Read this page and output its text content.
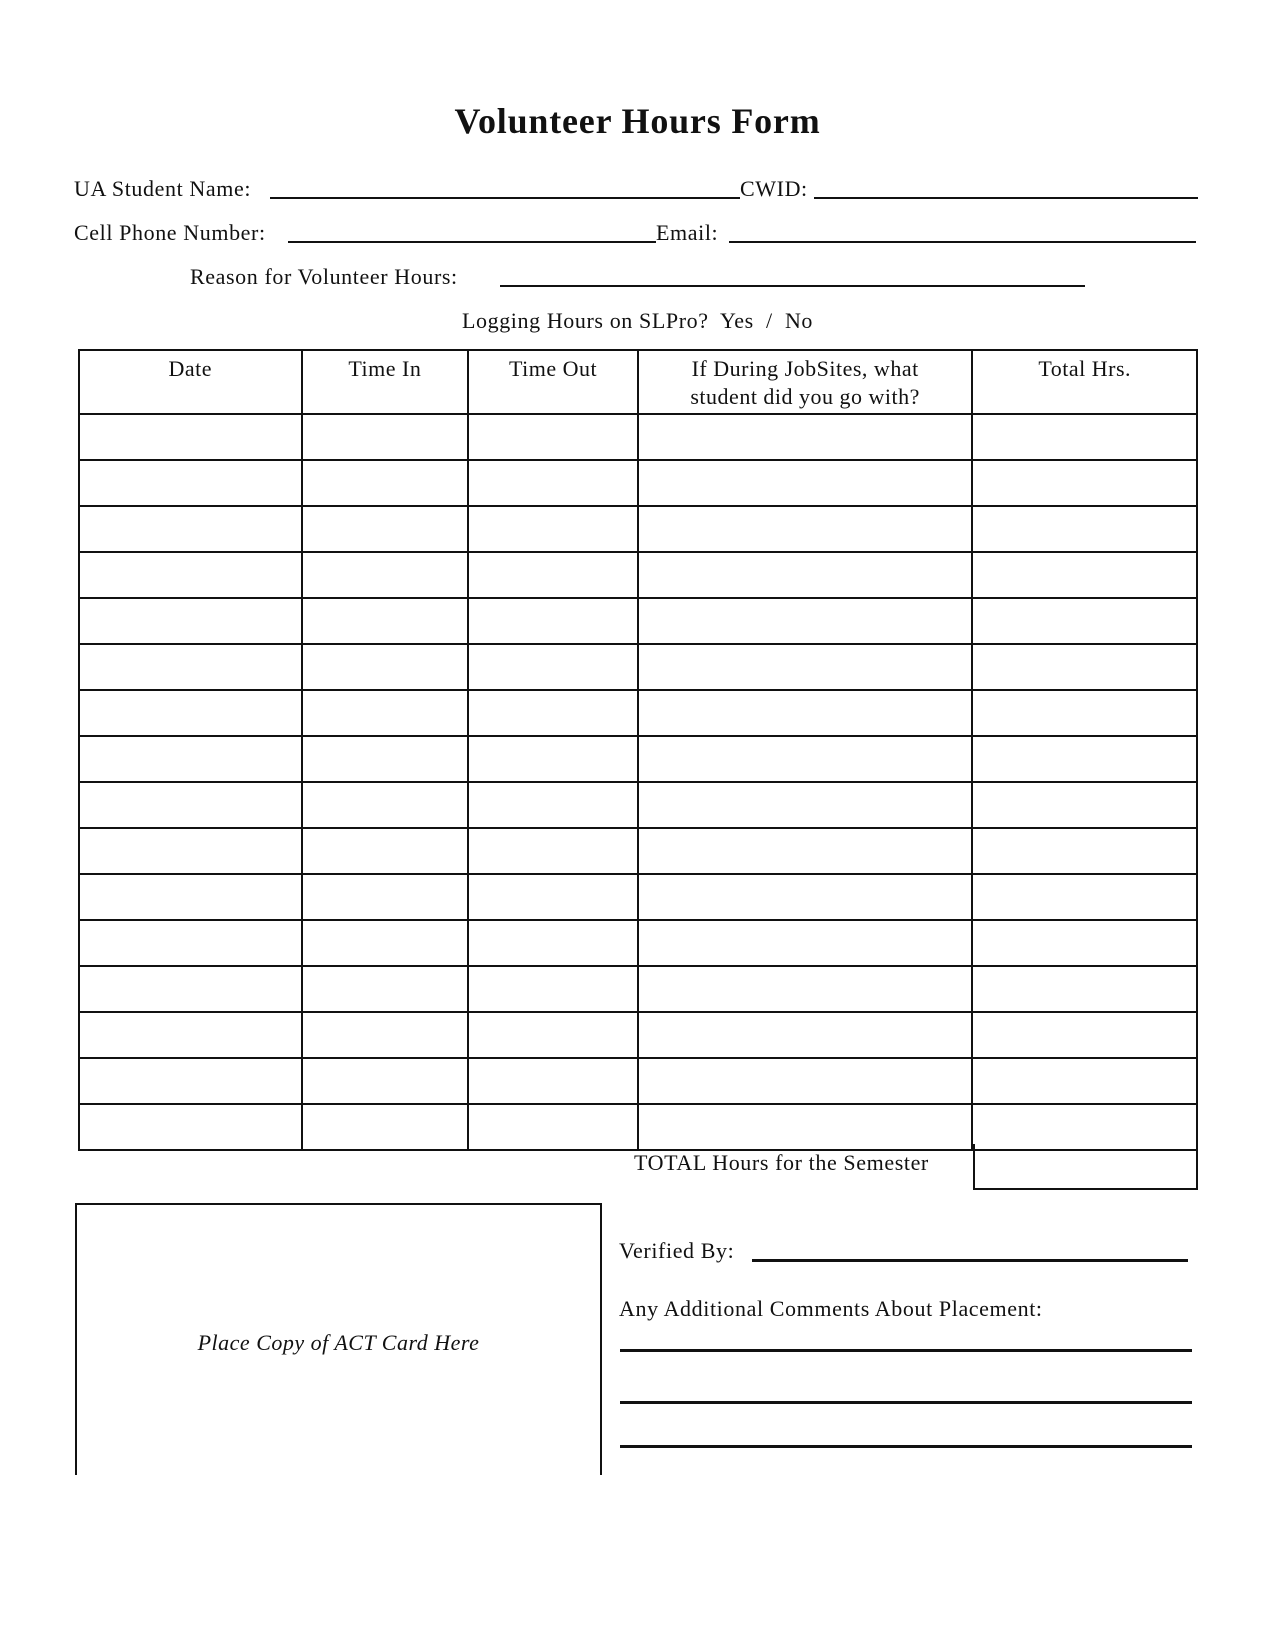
Volunteer Hours Form
UA Student Name:	CWID:
Cell Phone Number:	Email:
Reason for Volunteer Hours:
Logging Hours on SLPro? Yes / No
Date	Time In	Time Out	If During JobSites, what student did you go with?	Total Hrs.

TOTAL Hours for the Semester
Place Copy of ACT Card Here
Verified By:
Any Additional Comments About Placement:
